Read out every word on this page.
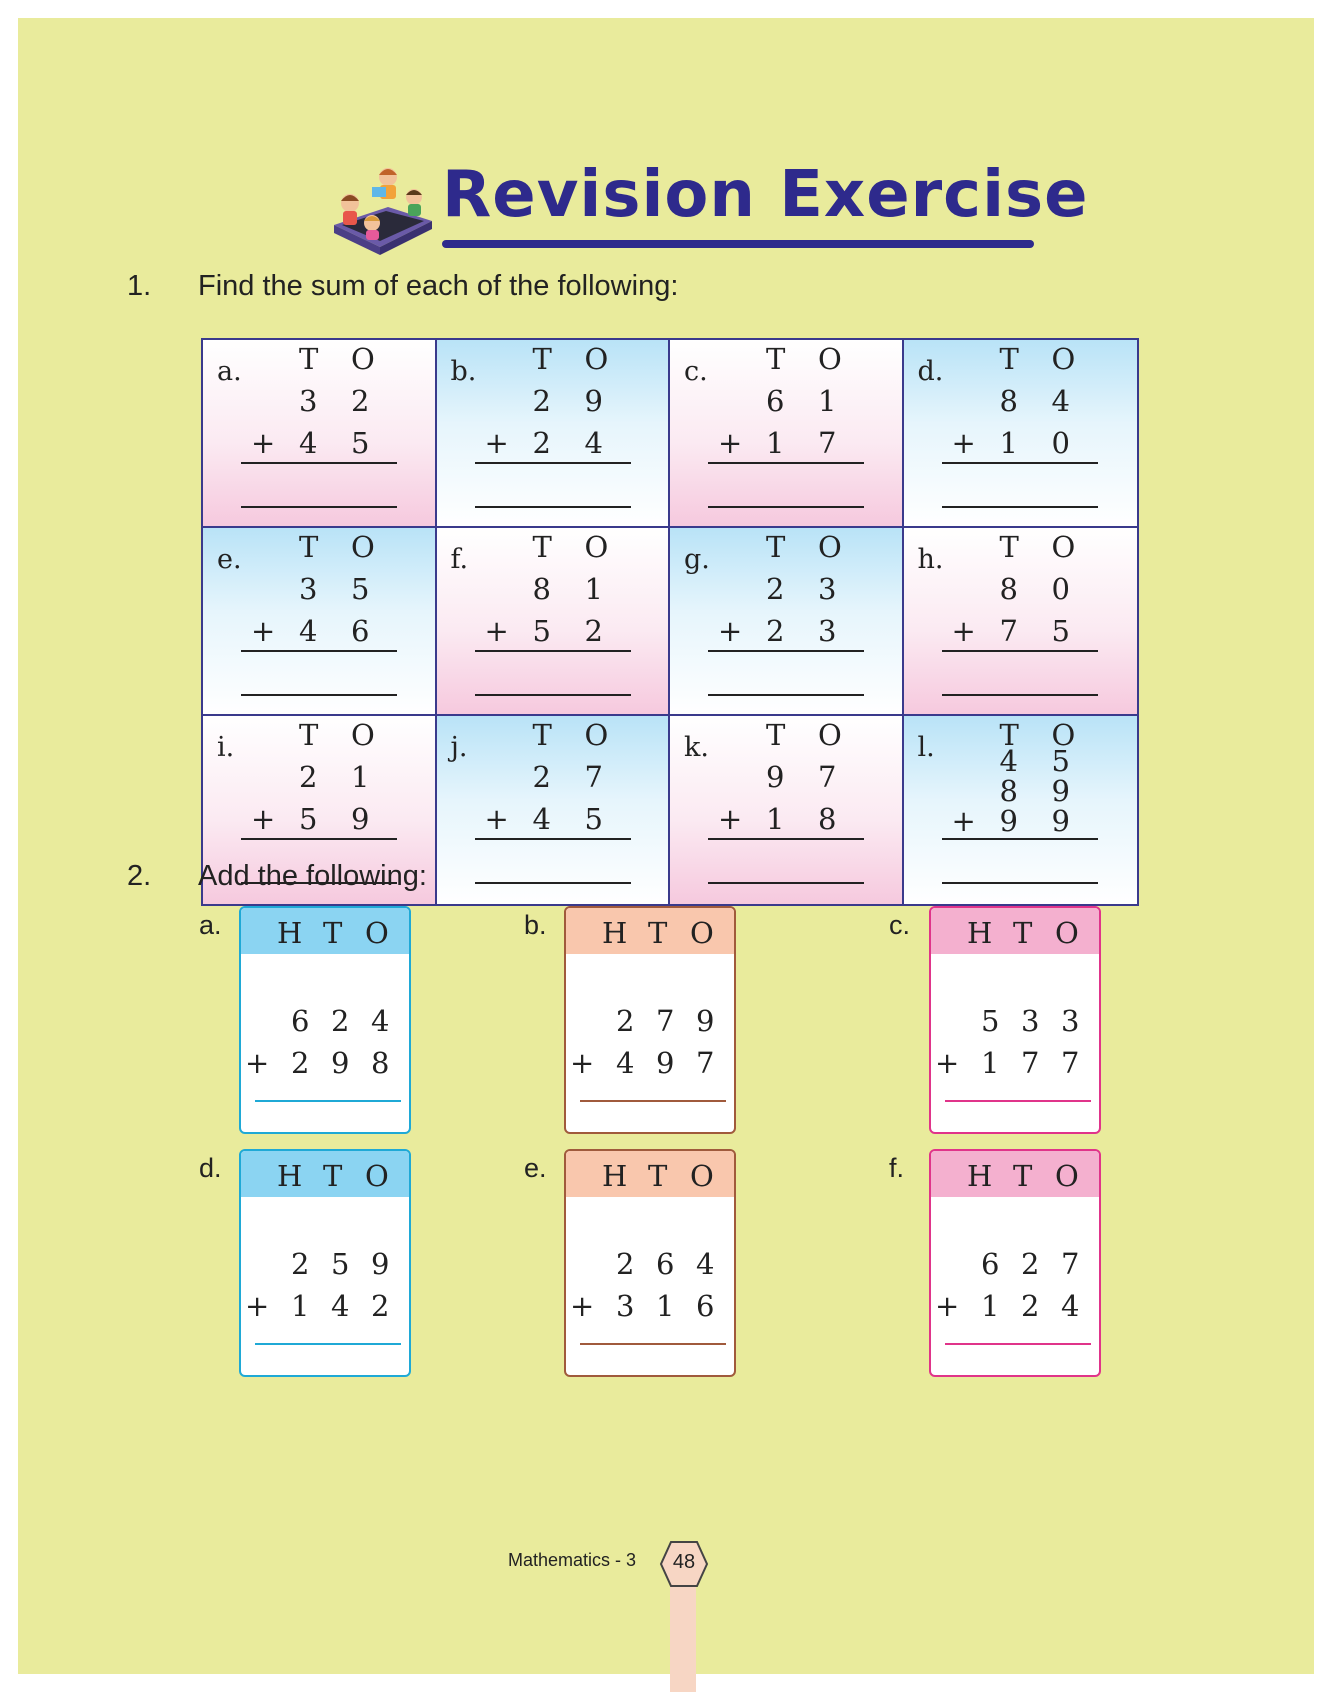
Revision Exercise
1. Find the sum of each of the following:
a. T O
3 2
+ 4 5
b. T O
2 9
+ 2 4
c. T O
6 1
+ 1 7
d. T O
8 4
+ 1 0
e. T O
3 5
+ 4 6
f. T O
8 1
+ 5 2
g. T O
2 3
+ 2 3
h. T O
8 0
+ 7 5
i. T O
2 1
+ 5 9
j. T O
2 7
+ 4 5
k. T O
9 7
+ 1 8
l. T O
4 5
8 9
+ 9 9
2. Add the following:
a. H T O
6 2 4
+ 2 9 8
b. H T O
2 7 9
+ 4 9 7
c. H T O
5 3 3
+ 1 7 7
d. H T O
2 5 9
+ 1 4 2
e. H T O
2 6 4
+ 3 1 6
f. H T O
6 2 7
+ 1 2 4
Mathematics - 3	48
